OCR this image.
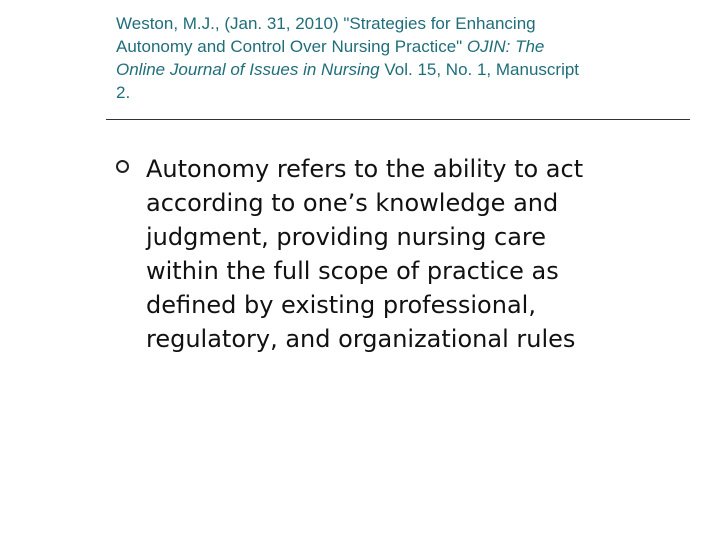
Weston, M.J., (Jan. 31, 2010) "Strategies for Enhancing
Autonomy and Control Over Nursing Practice" OJIN: The
Online Journal of Issues in Nursing Vol. 15, No. 1, Manuscript
2.
Autonomy refers to the ability to act
according to one’s knowledge and
judgment, providing nursing care
within the full scope of practice as
defined by existing professional,
regulatory, and organizational rules
